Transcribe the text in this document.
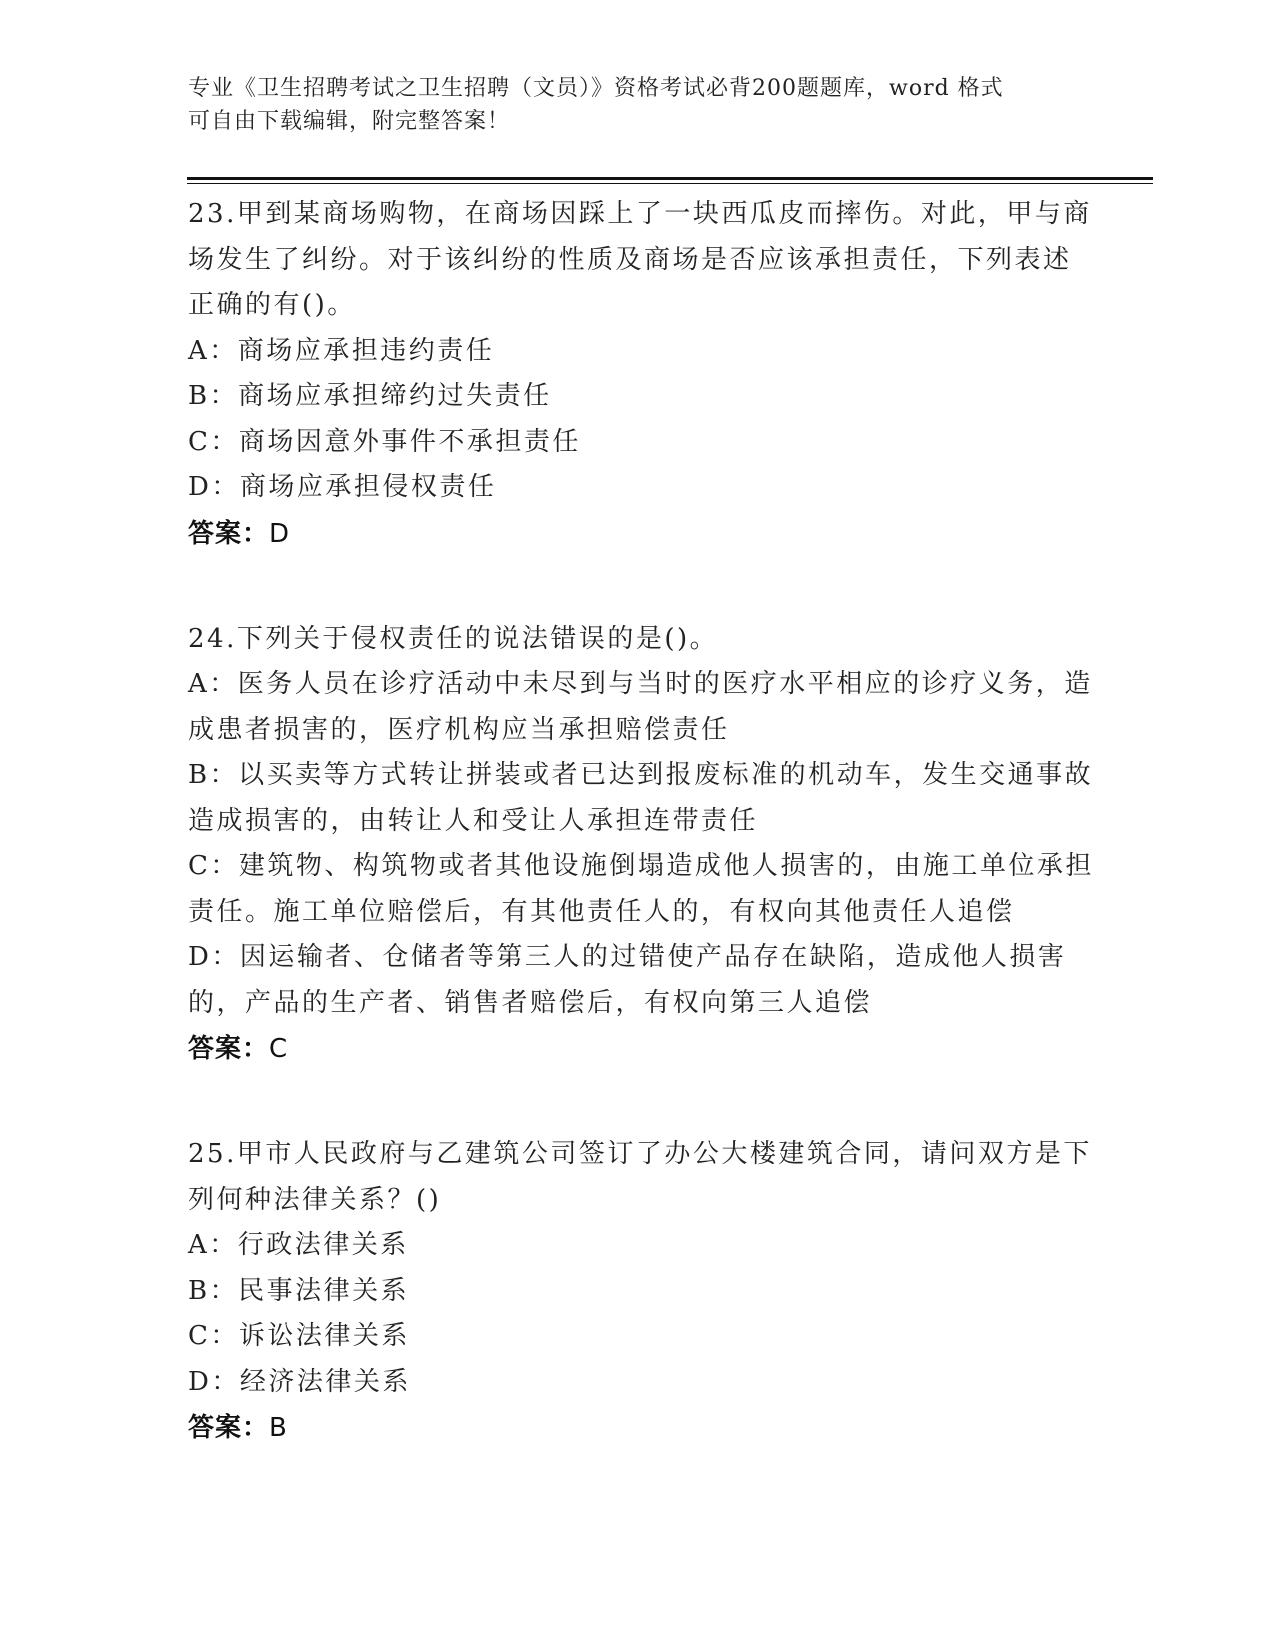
专业《卫生招聘考试之卫生招聘（文员）》资格考试必背200题题库，word 格式
可自由下载编辑，附完整答案！

23.甲到某商场购物，在商场因踩上了一块西瓜皮而摔伤。对此，甲与商场发生了纠纷。对于该纠纷的性质及商场是否应该承担责任，下列表述正确的有()。

A：商场应承担违约责任

B：商场应承担缔约过失责任

C：商场因意外事件不承担责任

D：商场应承担侵权责任

答案：D

24.下列关于侵权责任的说法错误的是()。

A：医务人员在诊疗活动中未尽到与当时的医疗水平相应的诊疗义务，造成患者损害的，医疗机构应当承担赔偿责任

B：以买卖等方式转让拼装或者已达到报废标准的机动车，发生交通事故造成损害的，由转让人和受让人承担连带责任

C：建筑物、构筑物或者其他设施倒塌造成他人损害的，由施工单位承担责任。施工单位赔偿后，有其他责任人的，有权向其他责任人追偿

D：因运输者、仓储者等第三人的过错使产品存在缺陷，造成他人损害的，产品的生产者、销售者赔偿后，有权向第三人追偿

答案：C

25.甲市人民政府与乙建筑公司签订了办公大楼建筑合同，请问双方是下列何种法律关系？()

A：行政法律关系

B：民事法律关系

C：诉讼法律关系

D：经济法律关系

答案：B
